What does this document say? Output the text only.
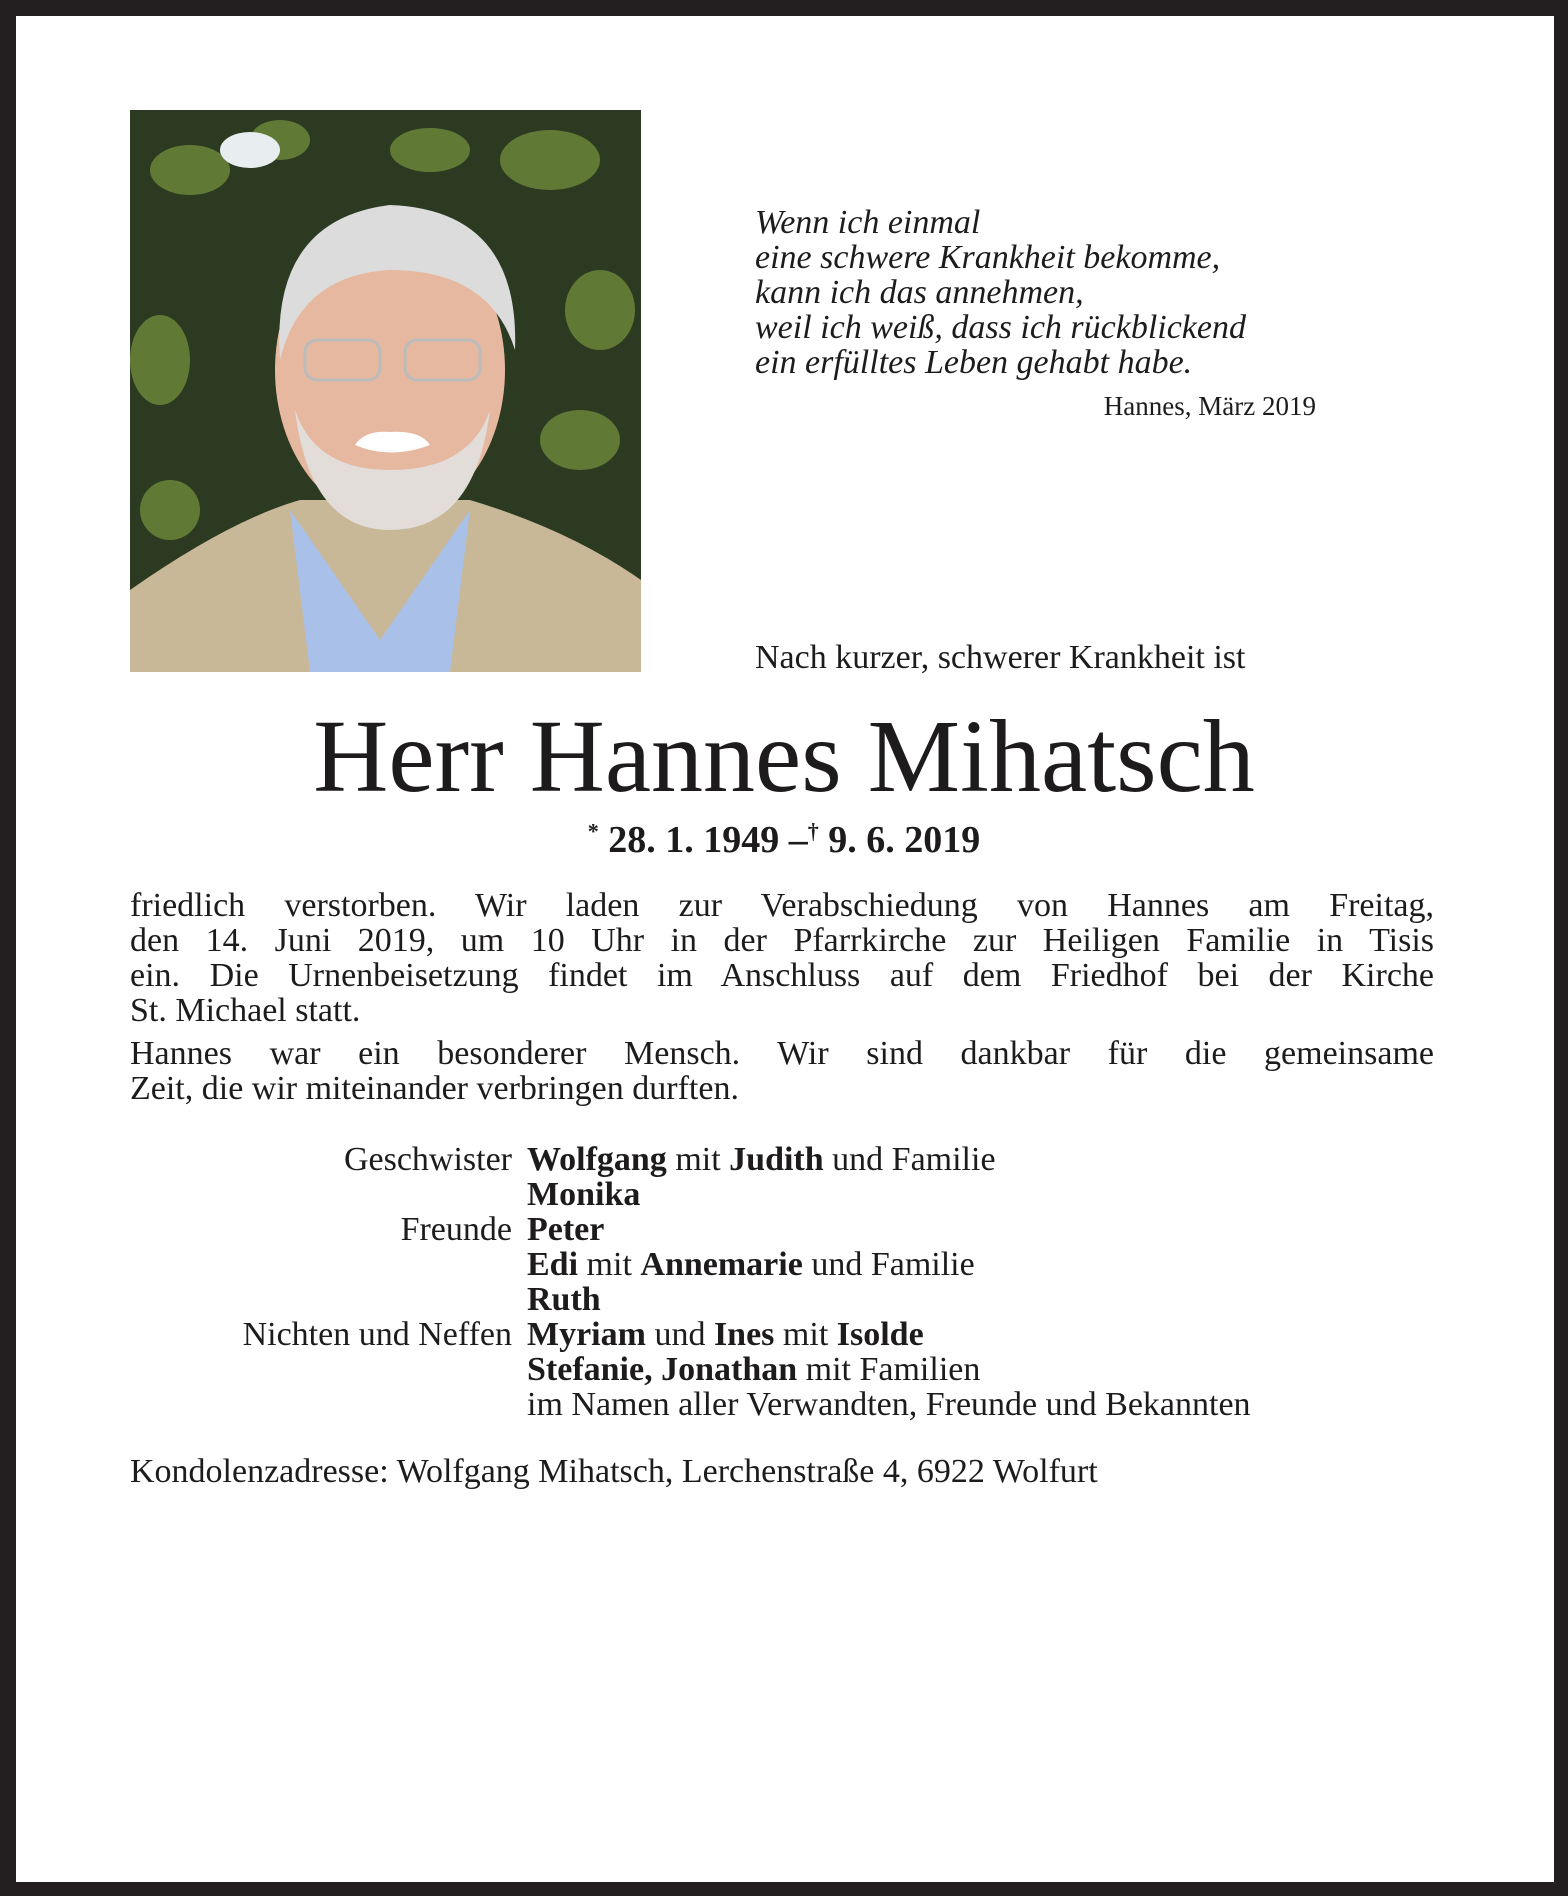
Wenn ich einmal
eine schwere Krankheit bekomme,
kann ich das annehmen,
weil ich weiß, dass ich rückblickend
ein erfülltes Leben gehabt habe.
Hannes, März 2019
Nach kurzer, schwerer Krankheit ist
Herr Hannes Mihatsch
* 28. 1. 1949 –† 9. 6. 2019
friedlich verstorben. Wir laden zur Verabschiedung von Hannes am Freitag,
den 14. Juni 2019, um 10 Uhr in der Pfarrkirche zur Heiligen Familie in Tisis
ein. Die Urnenbeisetzung findet im Anschluss auf dem Friedhof bei der Kirche
St. Michael statt.
Hannes war ein besonderer Mensch. Wir sind dankbar für die gemeinsame
Zeit, die wir miteinander verbringen durften.
Geschwister Wolfgang mit Judith und Familie
Monika
Freunde Peter
Edi mit Annemarie und Familie
Ruth
Nichten und Neffen Myriam und Ines mit Isolde
Stefanie, Jonathan mit Familien
im Namen aller Verwandten, Freunde und Bekannten
Kondolenzadresse: Wolfgang Mihatsch, Lerchenstraße 4, 6922 Wolfurt
